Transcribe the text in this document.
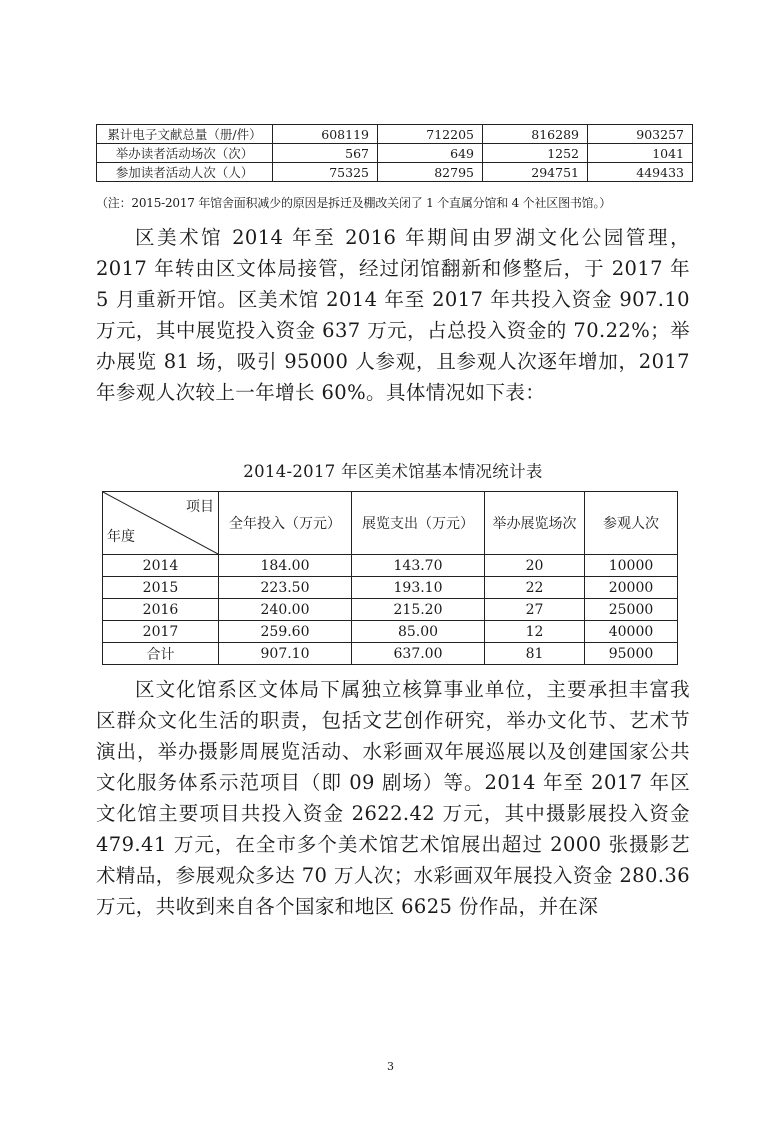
累计电子文献总量（册/件）	608119	712205	816289	903257
举办读者活动场次（次）	567	649	1252	1041
参加读者活动人次（人）	75325	82795	294751	449433
（注：2015-2017 年馆舍面积减少的原因是拆迁及棚改关闭了 1 个直属分馆和 4 个社区图书馆。）

区美术馆 2014 年至 2016 年期间由罗湖文化公园管理，2017 年转由区文体局接管，经过闭馆翻新和修整后，于 2017 年 5 月重新开馆。区美术馆 2014 年至 2017 年共投入资金 907.10 万元，其中展览投入资金 637 万元，占总投入资金的 70.22%；举办展览 81 场，吸引 95000 人参观，且参观人次逐年增加，2017 年参观人次较上一年增长 60%。具体情况如下表：

2014-2017 年区美术馆基本情况统计表
项目
年度	全年投入（万元）	展览支出（万元）	举办展览场次	参观人次
2014	184.00	143.70	20	10000
2015	223.50	193.10	22	20000
2016	240.00	215.20	27	25000
2017	259.60	85.00	12	40000
合计	907.10	637.00	81	95000

区文化馆系区文体局下属独立核算事业单位，主要承担丰富我区群众文化生活的职责，包括文艺创作研究，举办文化节、艺术节演出，举办摄影周展览活动、水彩画双年展巡展以及创建国家公共文化服务体系示范项目（即 09 剧场）等。2014 年至 2017 年区文化馆主要项目共投入资金 2622.42 万元，其中摄影展投入资金 479.41 万元，在全市多个美术馆艺术馆展出超过 2000 张摄影艺术精品，参展观众多达 70 万人次；水彩画双年展投入资金 280.36 万元，共收到来自各个国家和地区 6625 份作品，并在深

3
